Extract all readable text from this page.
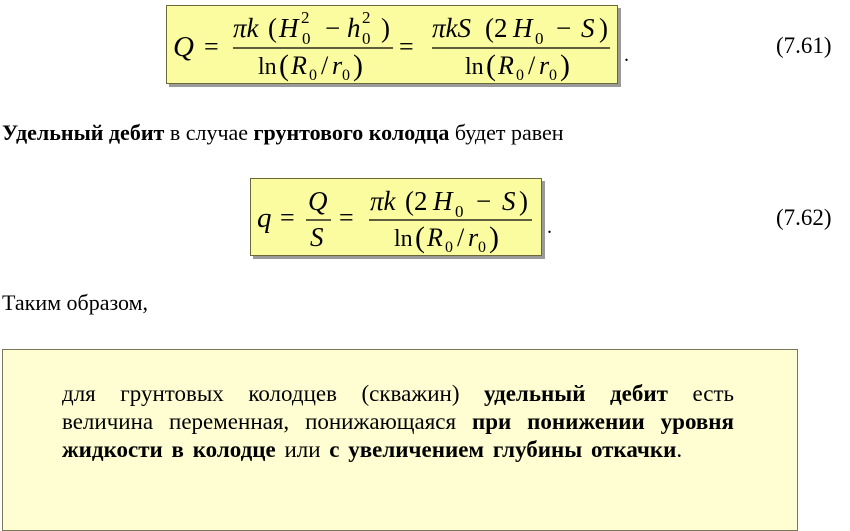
Q =
πk ( H 2
0 − h 2
0 )
ln ( R 0 / r 0 )
=
πkS (2 H 0 − S )
ln ( R 0 / r 0 )	.	(7.61)
Удельный дебит в случае грунтового колодца будет равен
q =
Q
S
=
πk (2 H 0 − S )
ln ( R 0 / r 0 ) .	(7.62)
Таким образом,
для грунтовых колодцев (скважин) удельный дебит есть величина переменная, понижающаяся при понижении уровня жидкости в колодце или с увеличением глубины откачки.
